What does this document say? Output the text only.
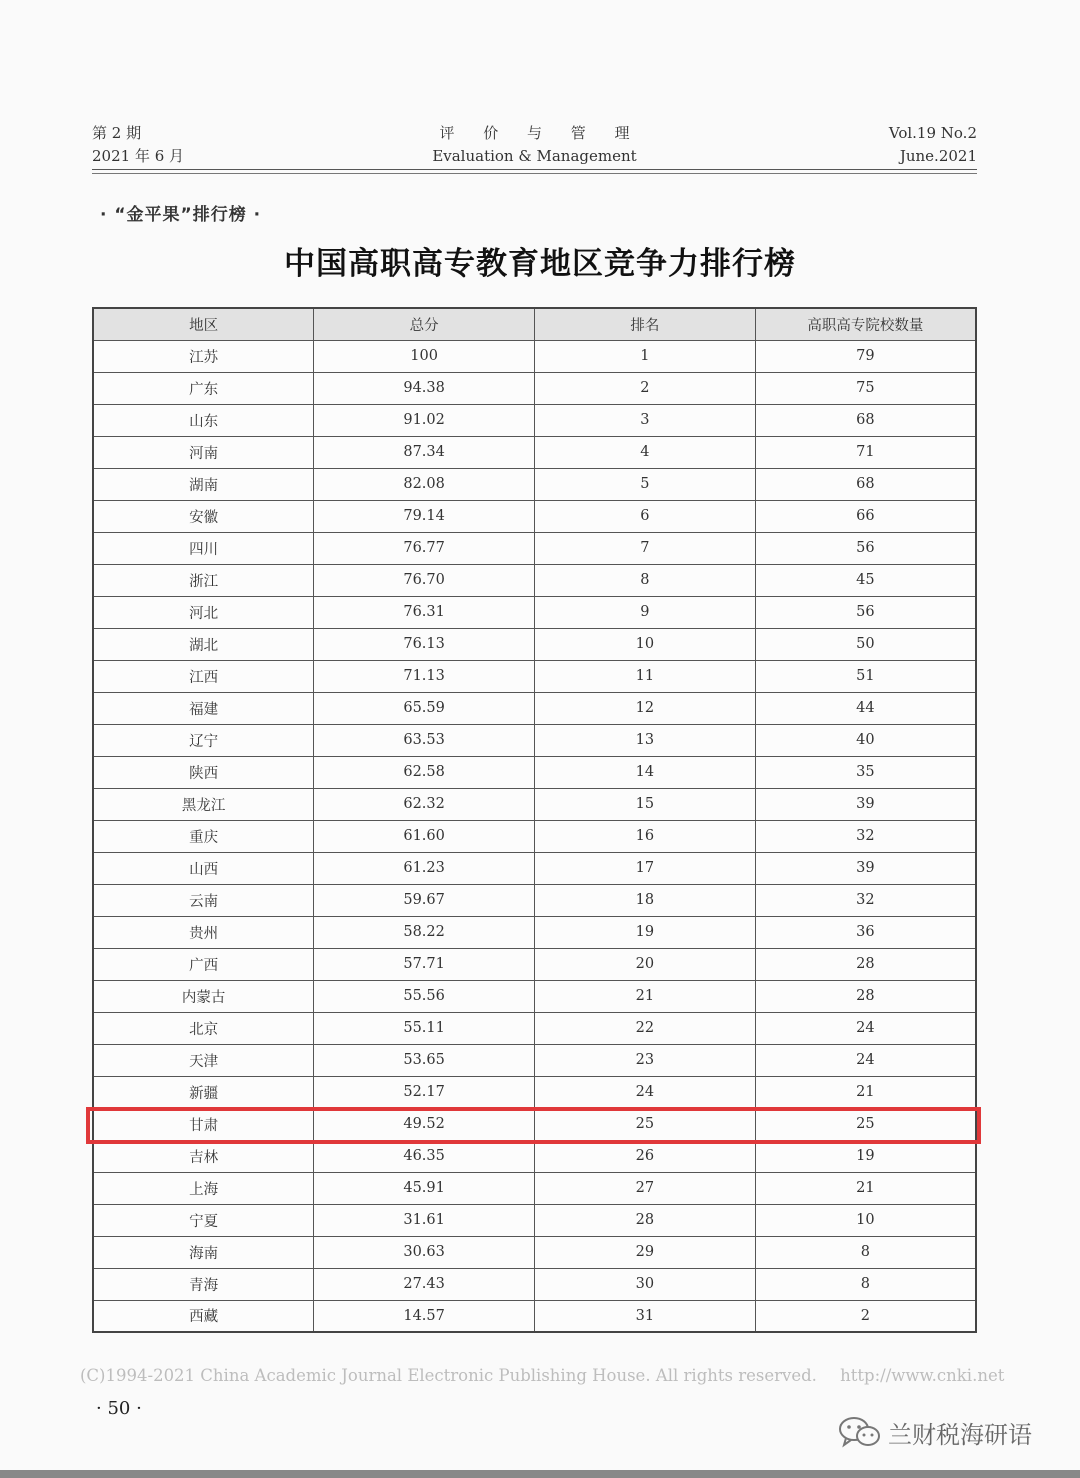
第 2 期
2021 年 6 月
评 价 与 管 理
Evaluation & Management
Vol.19 No.2
June.2021
· “金平果”排行榜 ·
中国高职高专教育地区竞争力排行榜
地区	总分	排名	高职高专院校数量
江苏	100	1	79
广东	94.38	2	75
山东	91.02	3	68
河南	87.34	4	71
湖南	82.08	5	68
安徽	79.14	6	66
四川	76.77	7	56
浙江	76.70	8	45
河北	76.31	9	56
湖北	76.13	10	50
江西	71.13	11	51
福建	65.59	12	44
辽宁	63.53	13	40
陕西	62.58	14	35
黑龙江	62.32	15	39
重庆	61.60	16	32
山西	61.23	17	39
云南	59.67	18	32
贵州	58.22	19	36
广西	57.71	20	28
内蒙古	55.56	21	28
北京	55.11	22	24
天津	53.65	23	24
新疆	52.17	24	21
甘肃	49.52	25	25
吉林	46.35	26	19
上海	45.91	27	21
宁夏	31.61	28	10
海南	30.63	29	8
青海	27.43	30	8
西藏	14.57	31	2
(C)1994-2021 China Academic Journal Electronic Publishing House. All rights reserved. http://www.cnki.net
· 50 ·
兰财税海研语
